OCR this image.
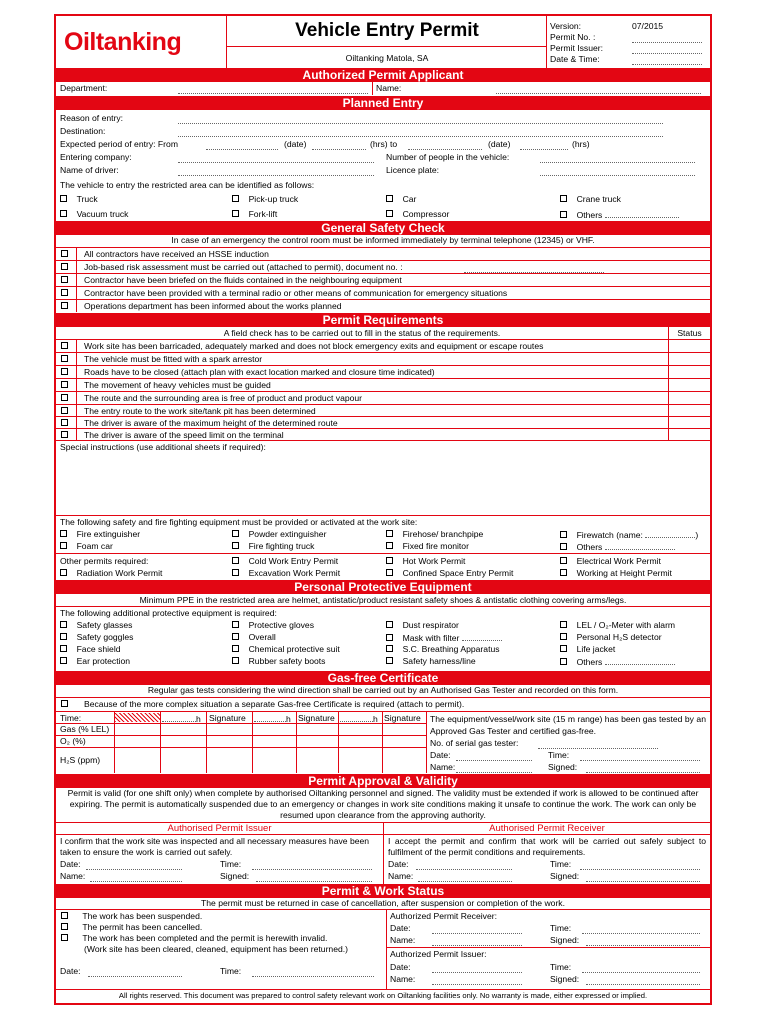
Oiltanking	Vehicle Entry Permit
Oiltanking Matola, SA
Version:	07/2015
Permit No. :
Permit Issuer:
Date & Time:
Authorized Permit Applicant
Department:	Name:
Planned Entry
Reason of entry:
Destination:
Expected period of entry: From	(date)	(hrs) to	(date)	(hrs)
Entering company:	Number of people in the vehicle:
Name of driver:	Licence plate:
The vehicle to entry the restricted area can be identified as follows:
Truck	Pick-up truck	Car	Crane truck
Vacuum truck	Fork-lift	Compressor	Others
General Safety Check
In case of an emergency the control room must be informed immediately by terminal telephone (12345) or VHF.
All contractors have received an HSSE induction
Job-based risk assessment must be carried out (attached to permit), document no. :
Contractor have been briefed on the fluids contained in the neighbouring equipment
Contractor have been provided with a terminal radio or other means of communication for emergency situations
Operations department has been informed about the works planned
Permit Requirements
A field check has to be carried out to fill in the status of the requirements.	Status
Work site has been barricaded, adequately marked and does not block emergency exits and equipment or escape routes
The vehicle must be fitted with a spark arrestor
Roads have to be closed (attach plan with exact location marked and closure time indicated)
The movement of heavy vehicles must be guided
The route and the surrounding area is free of product and product vapour
The entry route to the work site/tank pit has been determined
The driver is aware of the maximum height of the determined route
The driver is aware of the speed limit on the terminal
Special instructions (use additional sheets if required):
The following safety and fire fighting equipment must be provided or activated at the work site:
Fire extinguisher	Powder extinguisher	Firehose/ branchpipe	Firewatch (name:	)
Foam car	Fire fighting truck	Fixed fire monitor	Others
Other permits required:	Cold Work Entry Permit	Hot Work Permit	Electrical Work Permit
Radiation Work Permit	Excavation Work Permit	Confined Space Entry Permit	Working at Height Permit
Personal Protective Equipment
Minimum PPE in the restricted area are helmet, antistatic/product resistant safety shoes & antistatic clothing covering arms/legs.
The following additional protective equipment is required:
Safety glasses	Protective gloves	Dust respirator	LEL / O₂-Meter with alarm
Safety goggles	Overall	Mask with filter	Personal H₂S detector
Face shield	Chemical protective suit	S.C. Breathing Apparatus	Life jacket
Ear protection	Rubber safety boots	Safety harness/line	Others
Gas-free Certificate
Regular gas tests considering the wind direction shall be carried out by an Authorised Gas Tester and recorded on this form.
Because of the more complex situation a separate Gas-free Certificate is required (attach to permit).
Time:	h Signature	h Signature	h Signature
Gas (% LEL)
O₂ (%)
H₂S (ppm)
The equipment/vessel/work site (15 m range) has been gas tested by an Approved Gas Tester and certified gas-free.
No. of serial gas tester:
Date:	Time:
Name:	Signed:
Permit Approval & Validity
Permit is valid (for one shift only) when complete by authorised Oiltanking personnel and signed. The validity must be extended if work is allowed to be continued after expiring. The permit is automatically suspended due to an emergency or changes in work site conditions making it unsafe to continue the work. The work can only be resumed upon clearance from the approving authority.
Authorised Permit Issuer	Authorised Permit Receiver
I confirm that the work site was inspected and all necessary measures have been taken to ensure the work is carried out safely.
I accept the permit and confirm that work will be carried out safely subject to fulfilment of the permit conditions and requirements.
Date:	Time:
Name:	Signed:
Date:	Time:
Name:	Signed:
Permit & Work Status
The permit must be returned in case of cancellation, after suspension or completion of the work.
The work has been suspended.
The permit has been cancelled.
The work has been completed and the permit is herewith invalid.
(Work site has been cleared, cleaned, equipment has been returned.)
Date:	Time:
Authorized Permit Receiver:
Date:	Time:
Name:	Signed:
Authorized Permit Issuer:
Date:	Time:
Name:	Signed:
All rights reserved. This document was prepared to control safety relevant work on Oiltanking facilities only. No warranty is made, either expressed or implied.
